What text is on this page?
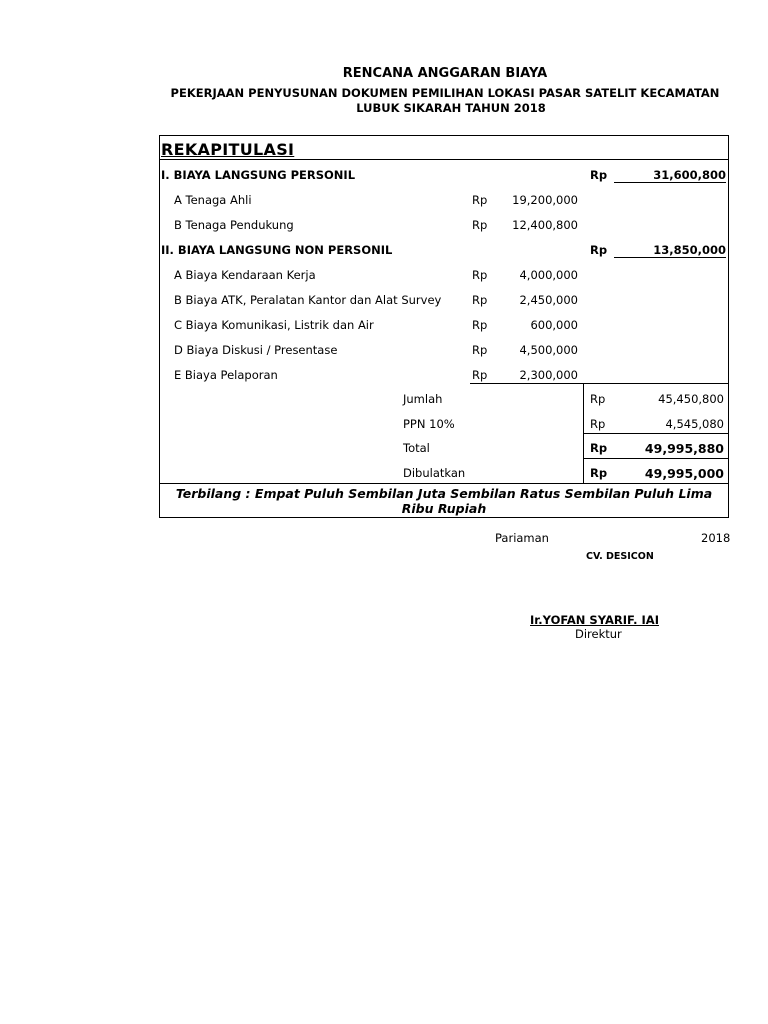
RENCANA ANGGARAN BIAYA
PEKERJAAN PENYUSUNAN DOKUMEN PEMILIHAN LOKASI PASAR SATELIT KECAMATAN
LUBUK SIKARAH TAHUN 2018
REKAPITULASI
I. BIAYA LANGSUNG PERSONIL	Rp	31,600,800
A Tenaga Ahli	Rp	19,200,000
B Tenaga Pendukung	Rp	12,400,800
II. BIAYA LANGSUNG NON PERSONIL	Rp	13,850,000
A Biaya Kendaraan Kerja	Rp	4,000,000
B Biaya ATK, Peralatan Kantor dan Alat Survey	Rp	2,450,000
C Biaya Komunikasi, Listrik dan Air	Rp	600,000
D Biaya Diskusi / Presentase	Rp	4,500,000
E Biaya Pelaporan	Rp	2,300,000
Jumlah	Rp	45,450,800
PPN 10%	Rp	4,545,080
Total	Rp	49,995,880
Dibulatkan	Rp	49,995,000
Terbilang : Empat Puluh Sembilan Juta Sembilan Ratus Sembilan Puluh Lima Ribu Rupiah
Pariaman	2018
CV. DESICON
Ir.YOFAN SYARIF. IAI
Direktur
